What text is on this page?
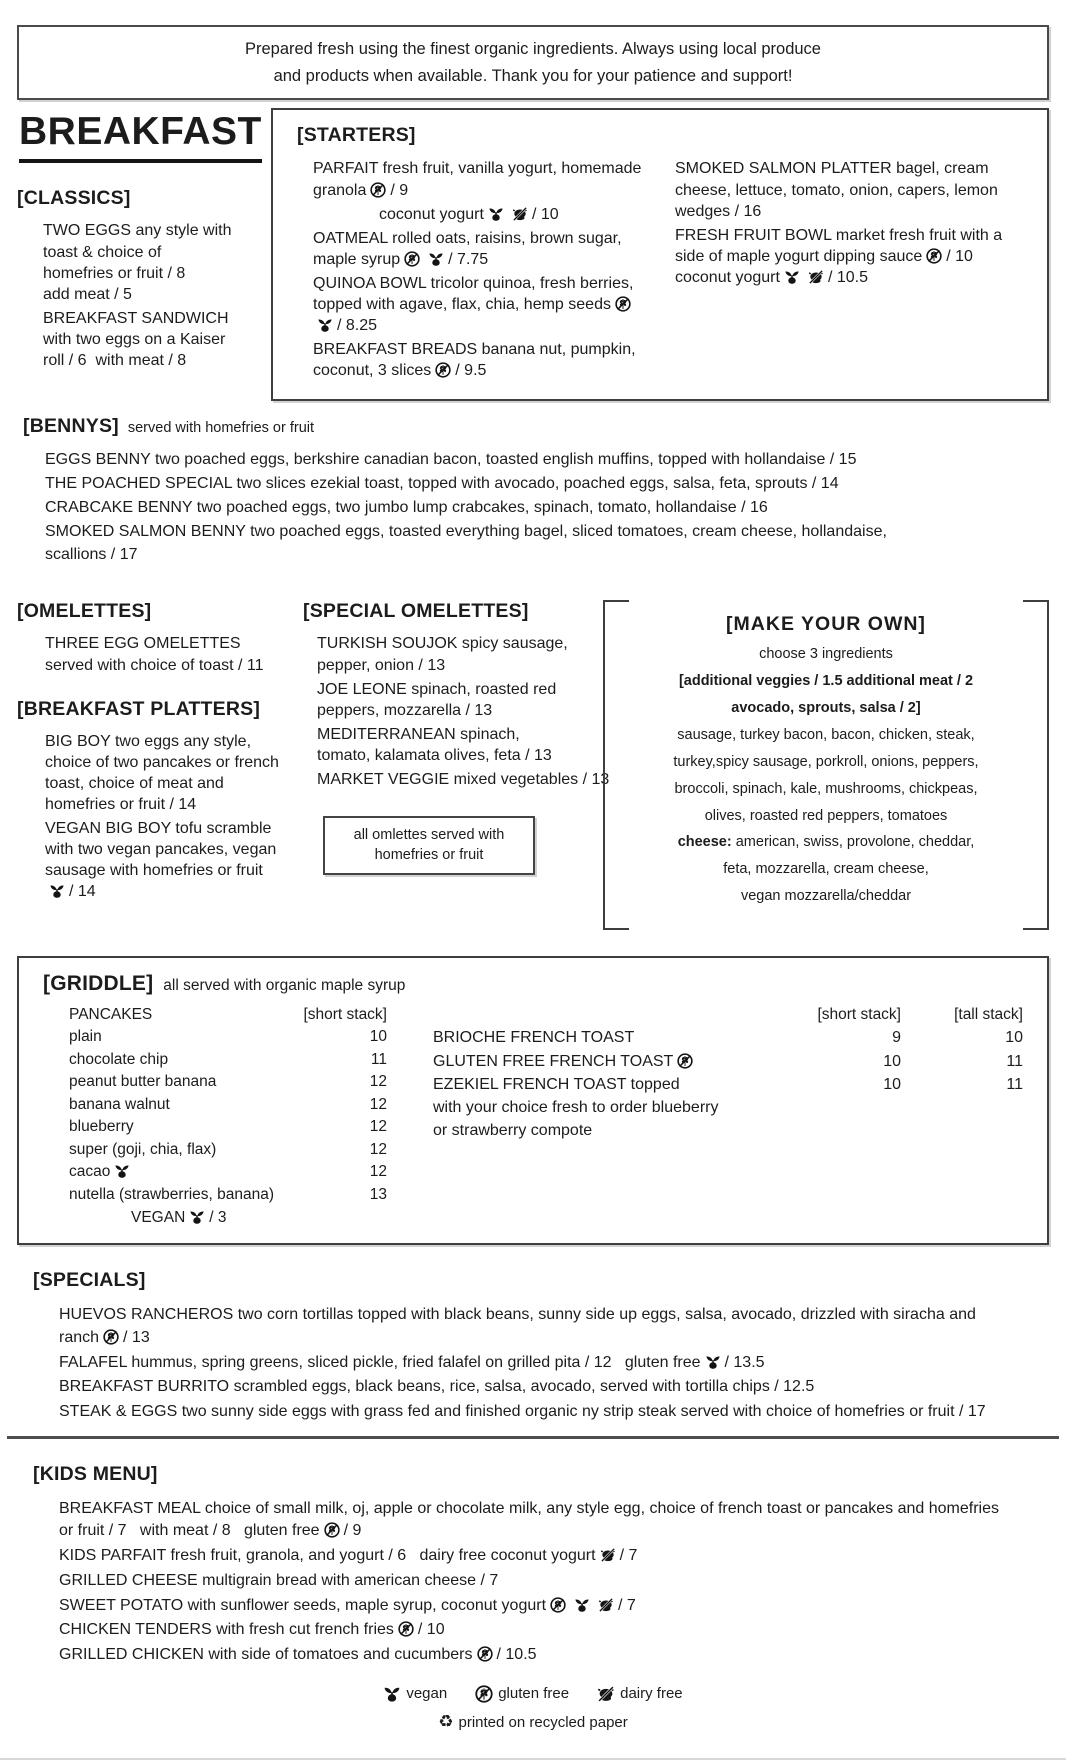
Prepared fresh using the finest organic ingredients. Always using local produce
and products when available. Thank you for your patience and support!
BREAKFAST
[CLASSICS]

TWO EGGS any style with toast & choice of homefries or fruit / 8
add meat / 5

BREAKFAST SANDWICH with two eggs on a Kaiser roll / 6  with meat / 8

[STARTERS]

PARFAIT fresh fruit, vanilla yogurt, homemade granola / 9

coconut yogurt	/ 10

OATMEAL rolled oats, raisins, brown sugar, maple syrup	/ 7.75

QUINOA BOWL tricolor quinoa, fresh berries, topped with agave, flax, chia, hemp seeds/ 8.25

BREAKFAST BREADS banana nut, pumpkin, coconut, 3 slices / 9.5

SMOKED SALMON PLATTER bagel, cream cheese, lettuce, tomato, onion, capers, lemon wedges / 16

FRESH FRUIT BOWL market fresh fruit with a side of maple yogurt dipping sauce / 10   coconut yogurt	/ 10.5

[BENNYS] served with homefries or fruit

EGGS BENNY two poached eggs, berkshire canadian bacon, toasted english muffins, topped with hollandaise / 15

THE POACHED SPECIAL two slices ezekial toast, topped with avocado, poached eggs, salsa, feta, sprouts / 14

CRABCAKE BENNY two poached eggs, two jumbo lump crabcakes, spinach, tomato, hollandaise / 16

SMOKED SALMON BENNY two poached eggs, toasted everything bagel, sliced tomatoes, cream cheese, hollandaise, scallions / 17

[OMELETTES]

THREE EGG OMELETTES served with choice of toast / 11

[BREAKFAST PLATTERS]

BIG BOY two eggs any style, choice of two pancakes or french toast, choice of meat and homefries or fruit / 14

VEGAN BIG BOY tofu scramble with two vegan pancakes, vegan sausage with homefries or fruit/ 14

[SPECIAL OMELETTES]

TURKISH SOUJOK spicy sausage, pepper, onion / 13

JOE LEONE spinach, roasted red peppers, mozzarella / 13

MEDITERRANEAN spinach, tomato, kalamata olives, feta / 13

MARKET VEGGIE mixed vegetables / 13

all omlettes served with homefries or fruit
[MAKE YOUR OWN]

choose 3 ingredients

[additional veggies / 1.5 additional meat / 2

avocado, sprouts, salsa / 2]

sausage, turkey bacon, bacon, chicken, steak,

turkey,spicy sausage, porkroll, onions, peppers,

broccoli, spinach, kale, mushrooms, chickpeas,

olives, roasted red peppers, tomatoes

cheese: american, swiss, provolone, cheddar,

feta, mozzarella, cream cheese,

vegan mozzarella/cheddar

[GRIDDLE] all served with organic maple syrup
PANCAKES	[short stack]
plain	10
chocolate chip	11
peanut butter banana	12
banana walnut	12
blueberry	12
super (goji, chia, flax)	12
cacao	12
nutella (strawberries, banana)	13
VEGAN / 3
[short stack]	[tall stack]
BRIOCHE FRENCH TOAST	9	10
GLUTEN FREE FRENCH TOAST	10	11
EZEKIEL FRENCH TOAST topped	10	11
with your choice fresh to order blueberry
or strawberry compote
[SPECIALS]

HUEVOS RANCHEROS two corn tortillas topped with black beans, sunny side up eggs, salsa, avocado, drizzled with siracha and ranch / 13

FALAFEL hummus, spring greens, sliced pickle, fried falafel on grilled pita / 12   gluten free / 13.5

BREAKFAST BURRITO scrambled eggs, black beans, rice, salsa, avocado, served with tortilla chips / 12.5

STEAK & EGGS two sunny side eggs with grass fed and finished organic ny strip steak served with choice of homefries or fruit / 17

[KIDS MENU]

BREAKFAST MEAL choice of small milk, oj, apple or chocolate milk, any style egg, choice of french toast or pancakes and homefries or fruit / 7   with meat / 8   gluten free / 9

KIDS PARFAIT fresh fruit, granola, and yogurt / 6   dairy free coconut yogurt / 7

GRILLED CHEESE multigrain bread with american cheese / 7

SWEET POTATO with sunflower seeds, maple syrup, coconut yogurt	/ 7

CHICKEN TENDERS with fresh cut french fries / 10

GRILLED CHICKEN with side of tomatoes and cucumbers / 10.5

vegan	gluten free	dairy free
♻ printed on recycled paper
